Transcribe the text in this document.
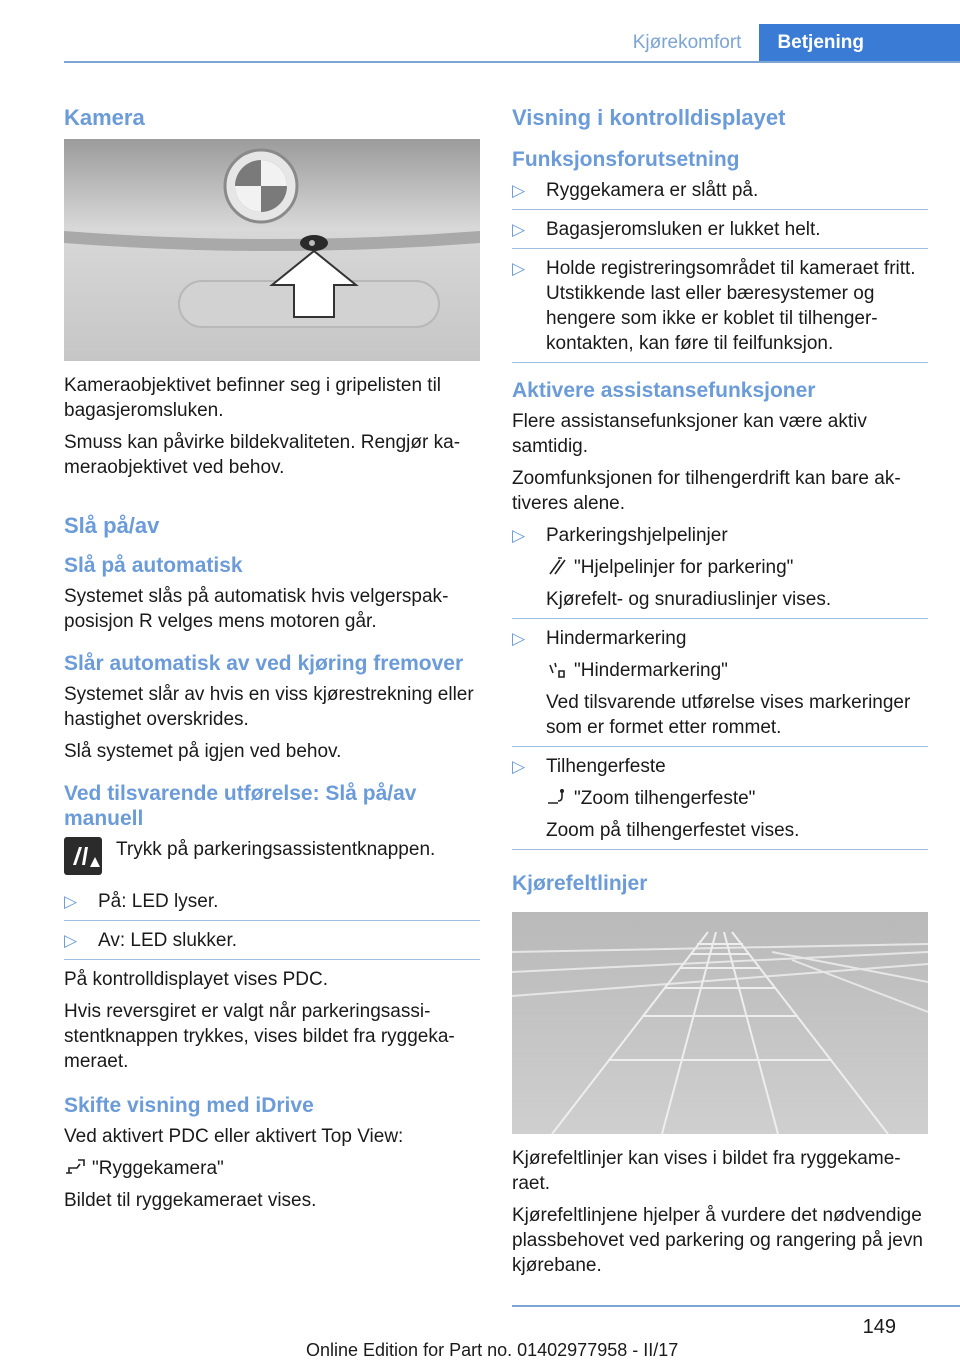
Kjørekomfort	Betjening
Kamera

Kameraobjektivet befinner seg i gripelisten til bagasjeromsluken.

Smuss kan påvirke bildekvaliteten. Rengjør kameraobjektivet ved behov.

Slå på/av
Slå på automatisk

Systemet slås på automatisk hvis velgerspakposisjon R velges mens motoren går.

Slår automatisk av ved kjøring fremover

Systemet slår av hvis en viss kjørestrekning eller hastighet overskrides.

Slå systemet på igjen ved behov.

Ved tilsvarende utførelse: Slå på/av manuell

Trykk på parkeringsassistentknappen.

▷ På: LED lyser.
▷ Av: LED slukker.

På kontrolldisplayet vises PDC.

Hvis reversgiret er valgt når parkeringsassistentknappen trykkes, vises bildet fra ryggekameraet.

Skifte visning med iDrive

Ved aktivert PDC eller aktivert Top View:

"Ryggekamera"

Bildet til ryggekameraet vises.

Visning i kontrolldisplayet
Funksjonsforutsetning
▷ Ryggekamera er slått på.
▷ Bagasjeromsluken er lukket helt.
▷ Holde registreringsområdet til kameraet fritt. Utstikkende last eller bæresystemer og hengere som ikke er koblet til tilhengerkontakten, kan føre til feilfunksjon.
Aktivere assistansefunksjoner

Flere assistansefunksjoner kan være aktiv samtidig.

Zoomfunksjonen for tilhengerdrift kan bare aktiveres alene.

▷ Parkeringshjelpelinjer
"Hjelpelinjer for parkering"
Kjørefelt- og snuradiuslinjer vises.
▷ Hindermarkering
"Hindermarkering"
Ved tilsvarende utførelse vises markeringer som er formet etter rommet.
▷ Tilhengerfeste
"Zoom tilhengerfeste"
Zoom på tilhengerfestet vises.
Kjørefeltlinjer

Kjørefeltlinjer kan vises i bildet fra ryggekameraet.

Kjørefeltlinjene hjelper å vurdere det nødvendige plassbehovet ved parkering og rangering på jevn kjørebane.

149
Online Edition for Part no. 01402977958 - II/17
